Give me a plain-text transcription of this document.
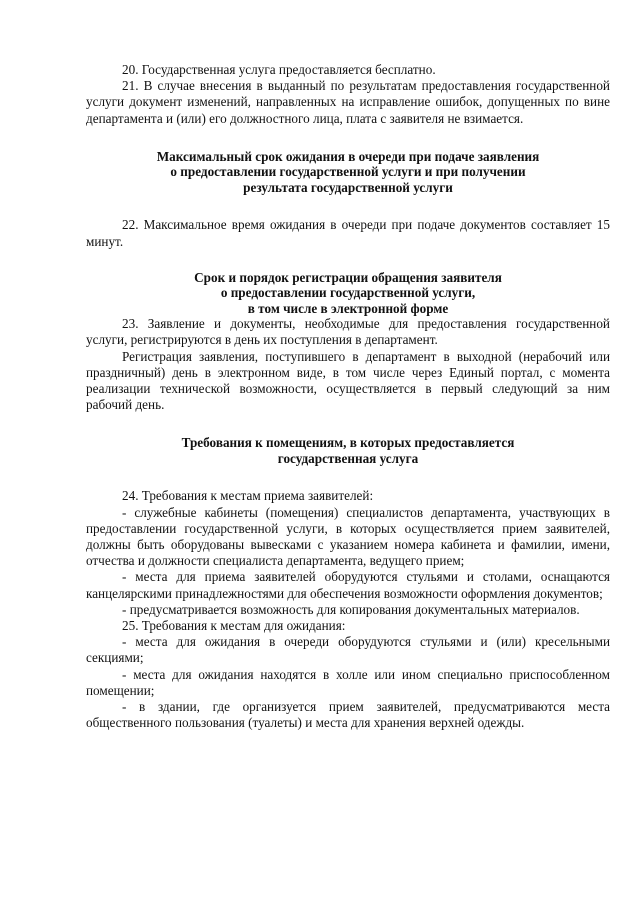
20. Государственная услуга предоставляется бесплатно.

21. В случае внесения в выданный по результатам предоставления государственной услуги документ изменений, направленных на исправление ошибок, допущенных по вине департамента и (или) его должностного лица, плата с заявителя не взимается.

Максимальный срок ожидания в очереди при подаче заявления

о предоставлении государственной услуги и при получении

результата государственной услуги

22. Максимальное время ожидания в очереди при подаче документов составляет 15 минут.

Срок и порядок регистрации обращения заявителя

о предоставлении государственной услуги,

в том числе в электронной форме

23. Заявление и документы, необходимые для предоставления государственной услуги, регистрируются в день их поступления в департамент.

Регистрация заявления, поступившего в департамент в выходной (нерабочий или праздничный) день в электронном виде, в том числе через Единый портал, с момента реализации технической возможности, осуществляется в первый следующий за ним рабочий день.

Требования к помещениям, в которых предоставляется

государственная услуга

24. Требования к местам приема заявителей:

- служебные кабинеты (помещения) специалистов департамента, участвующих в предоставлении государственной услуги, в которых осуществляется прием заявителей, должны быть оборудованы вывесками с указанием номера кабинета и фамилии, имени, отчества и должности специалиста департамента, ведущего прием;

- места для приема заявителей оборудуются стульями и столами, оснащаются канцелярскими принадлежностями для обеспечения возможности оформления документов;

- предусматривается возможность для копирования документальных материалов.

25. Требования к местам для ожидания:

- места для ожидания в очереди оборудуются стульями и (или) кресельными секциями;

- места для ожидания находятся в холле или ином специально приспособленном помещении;

- в здании, где организуется прием заявителей, предусматриваются места общественного пользования (туалеты) и места для хранения верхней одежды.
